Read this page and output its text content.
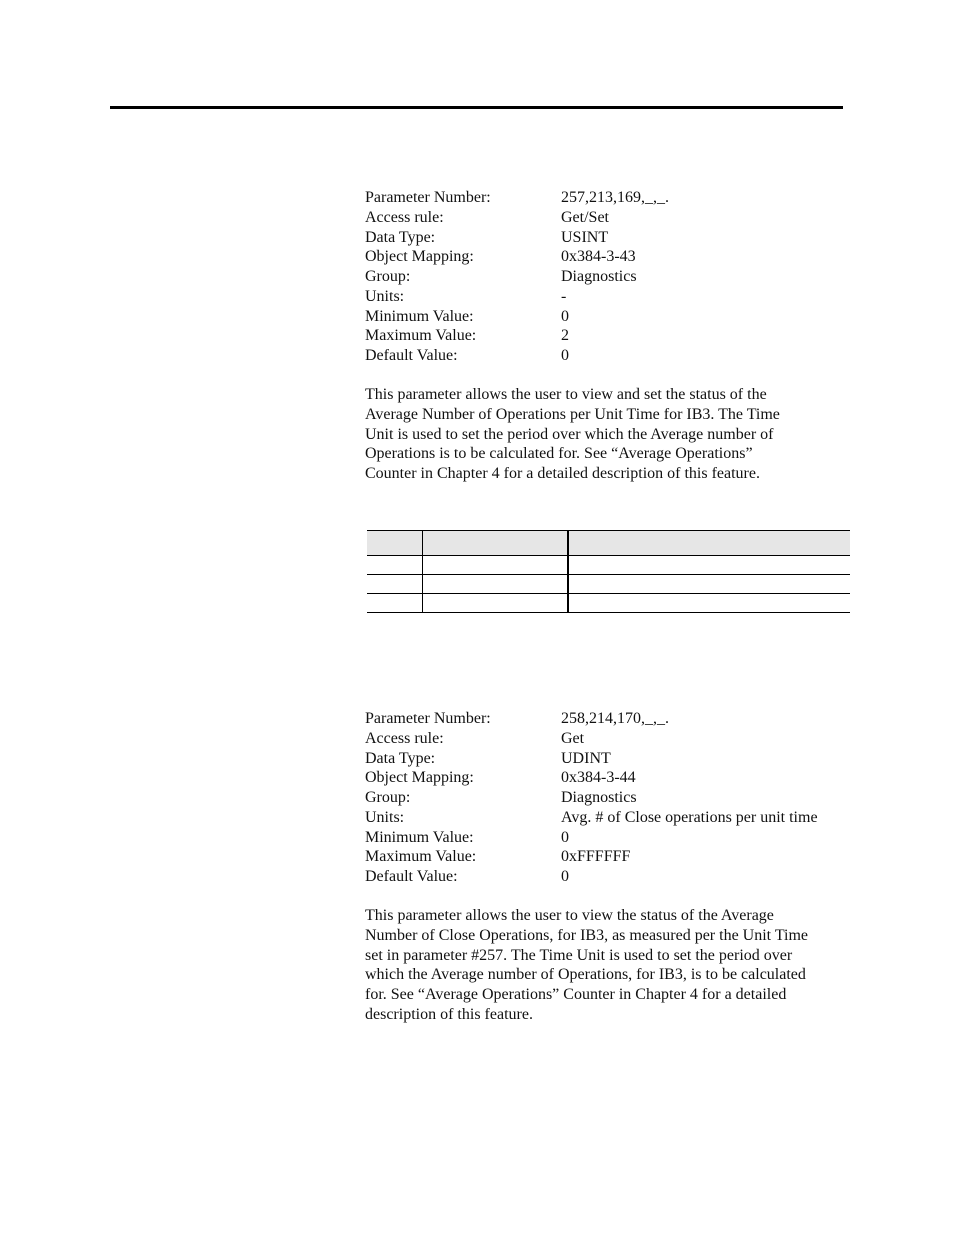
Parameter Number:	257,213,169,_,_.
Access rule:	Get/Set
Data Type:	USINT
Object Mapping:	0x384-3-43
Group:	Diagnostics
Units:	-
Minimum Value:	0
Maximum Value:	2
Default Value:	0

This parameter allows the user to view and set the status of the
Average Number of Operations per Unit Time for IB3. The Time
Unit is used to set the period over which the Average number of
Operations is to be calculated for. See “Average Operations”
Counter in Chapter 4 for a detailed description of this feature.

Parameter Number:	258,214,170,_,_.
Access rule:	Get
Data Type:	UDINT
Object Mapping:	0x384-3-44
Group:	Diagnostics
Units:	Avg. # of Close operations per unit time
Minimum Value:	0
Maximum Value:	0xFFFFFF
Default Value:	0

This parameter allows the user to view the status of the Average
Number of Close Operations, for IB3, as measured per the Unit Time
set in parameter #257. The Time Unit is used to set the period over
which the Average number of Operations, for IB3, is to be calculated
for. See “Average Operations” Counter in Chapter 4 for a detailed
description of this feature.
